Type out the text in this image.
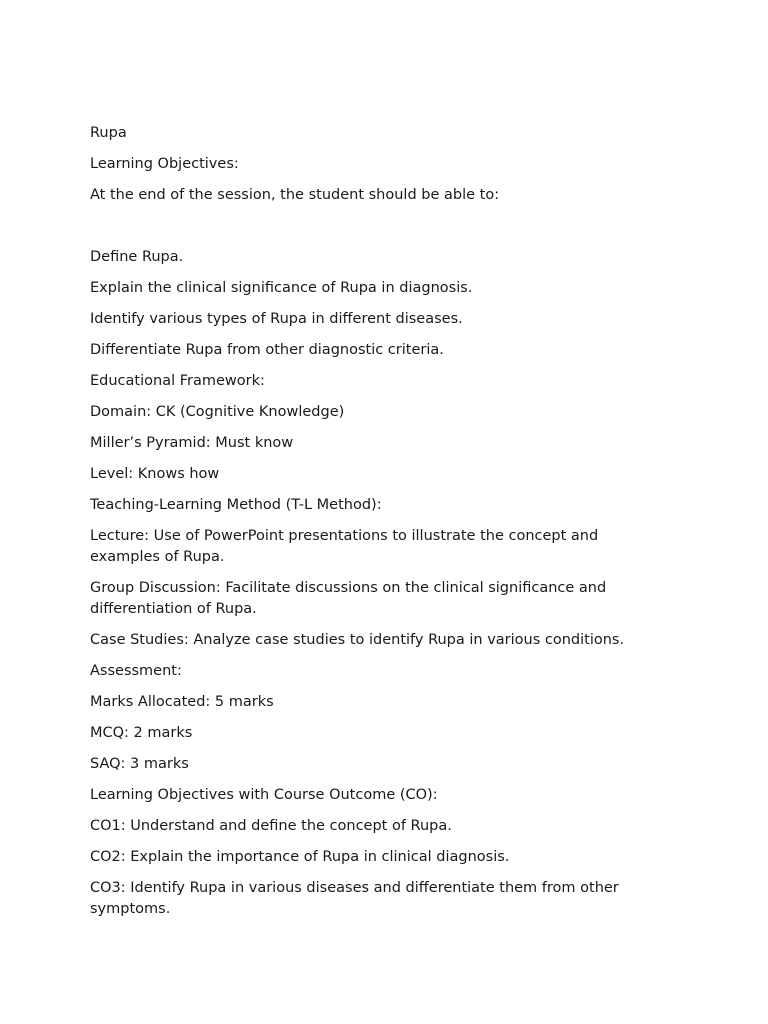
Rupa

Learning Objectives:

At the end of the session, the student should be able to:

Define Rupa.

Explain the clinical significance of Rupa in diagnosis.

Identify various types of Rupa in different diseases.

Differentiate Rupa from other diagnostic criteria.

Educational Framework:

Domain: CK (Cognitive Knowledge)

Miller’s Pyramid: Must know

Level: Knows how

Teaching-Learning Method (T-L Method):

Lecture: Use of PowerPoint presentations to illustrate the concept and examples of Rupa.

Group Discussion: Facilitate discussions on the clinical significance and differentiation of Rupa.

Case Studies: Analyze case studies to identify Rupa in various conditions.

Assessment:

Marks Allocated: 5 marks

MCQ: 2 marks

SAQ: 3 marks

Learning Objectives with Course Outcome (CO):

CO1: Understand and define the concept of Rupa.

CO2: Explain the importance of Rupa in clinical diagnosis.

CO3: Identify Rupa in various diseases and differentiate them from other symptoms.
